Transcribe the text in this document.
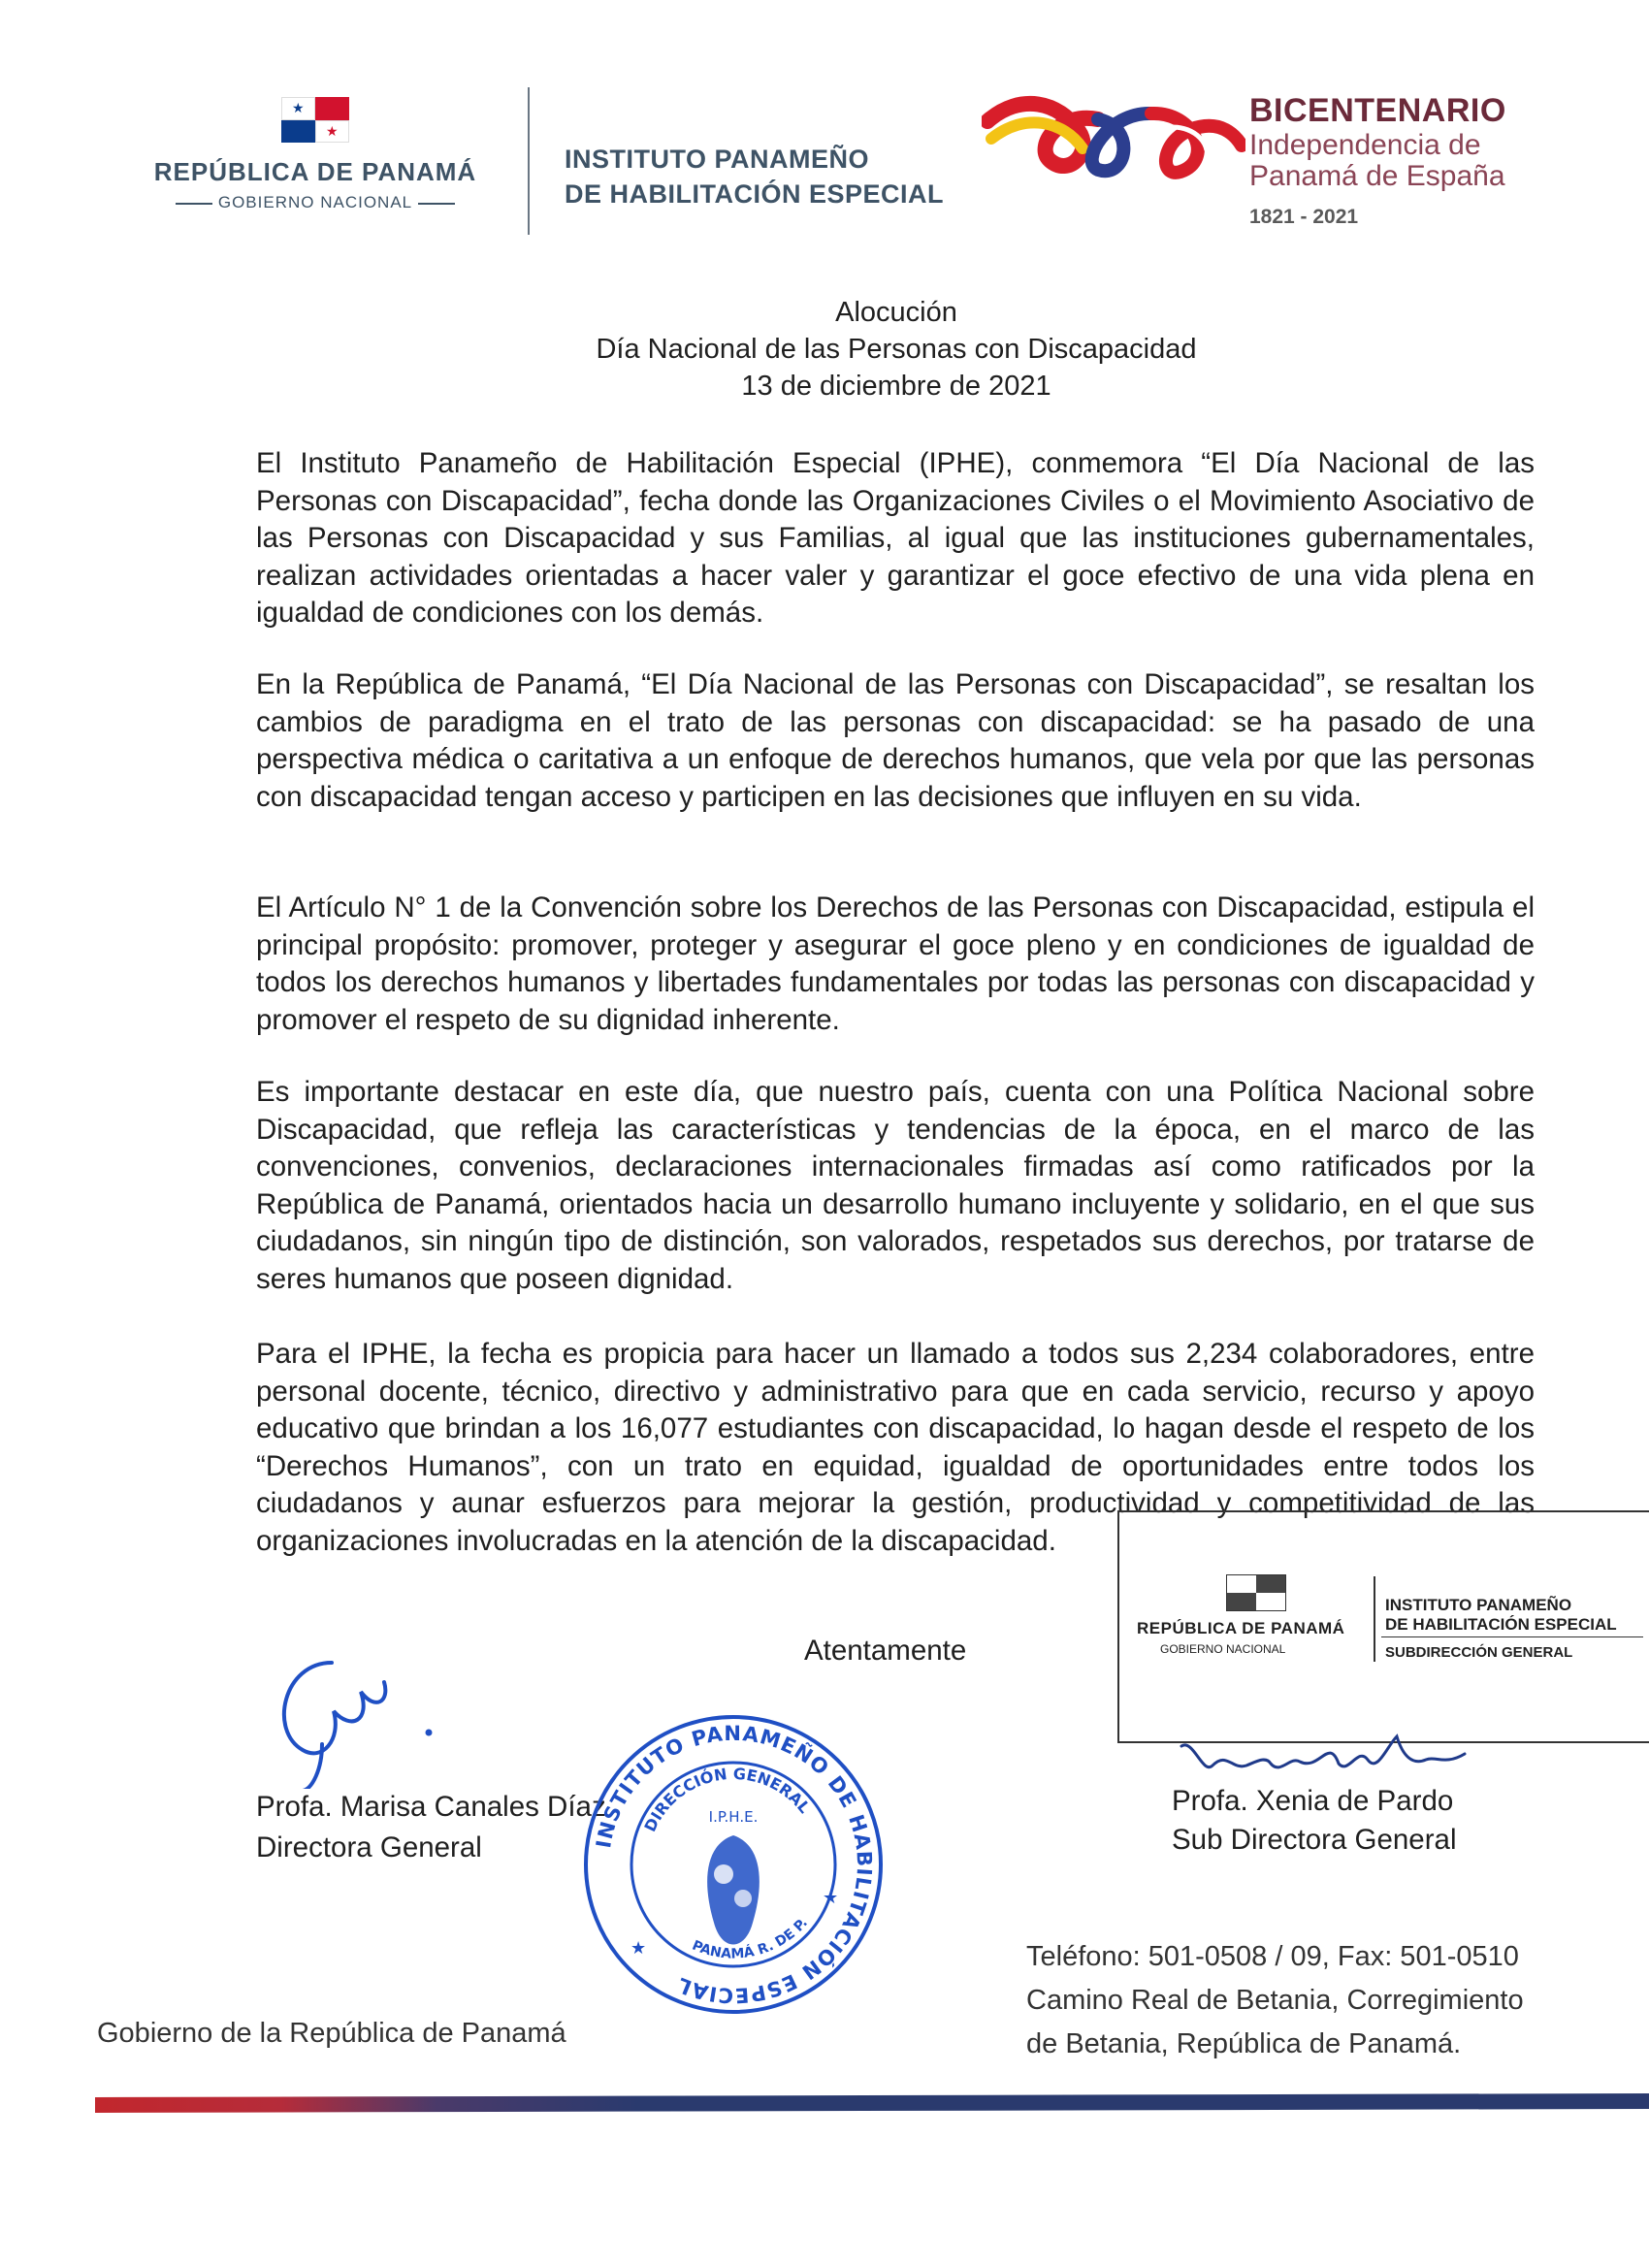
★
★
REPÚBLICA DE PANAMÁ
GOBIERNO NACIONAL
INSTITUTO PANAMEÑO
DE HABILITACIÓN ESPECIAL
BICENTENARIO
Independencia de
Panamá de España
1821 - 2021
Alocución
Día Nacional de las Personas con Discapacidad
13 de diciembre de 2021
El Instituto Panameño de Habilitación Especial (IPHE), conmemora “El Día Nacional de las Personas con Discapacidad”, fecha donde las Organizaciones Civiles o el Movimiento Asociativo de las Personas con Discapacidad y sus Familias, al igual que las instituciones gubernamentales, realizan actividades orientadas a hacer valer y garantizar el goce efectivo de una vida plena en igualdad de condiciones con los demás.
En la República de Panamá, “El Día Nacional de las Personas con Discapacidad”, se resaltan los cambios de paradigma en el trato de las personas con discapacidad: se ha pasado de una perspectiva médica o caritativa a un enfoque de derechos humanos, que vela por que las personas con discapacidad tengan acceso y participen en las decisiones que influyen en su vida.
El Artículo N° 1 de la Convención sobre los Derechos de las Personas con Discapacidad, estipula el principal propósito: promover, proteger y asegurar el goce pleno y en condiciones de igualdad de todos los derechos humanos y libertades fundamentales por todas las personas con discapacidad y promover el respeto de su dignidad inherente.
Es importante destacar en este día, que nuestro país, cuenta con una Política Nacional sobre Discapacidad, que refleja las características y tendencias de la época, en el marco de las convenciones, convenios, declaraciones internacionales firmadas así como ratificados por la República de Panamá, orientados hacia un desarrollo humano incluyente y solidario, en el que sus ciudadanos, sin ningún tipo de distinción, son valorados, respetados sus derechos, por tratarse de seres humanos que poseen dignidad.
Para el IPHE, la fecha es propicia para hacer un llamado a todos sus 2,234 colaboradores, entre personal docente, técnico, directivo y administrativo para que en cada servicio, recurso y apoyo educativo que brindan a los 16,077 estudiantes con discapacidad, lo hagan desde el respeto de los “Derechos Humanos”, con un trato en equidad, igualdad de oportunidades entre todos los ciudadanos y aunar esfuerzos para mejorar la gestión, productividad y competitividad de las organizaciones involucradas en la atención de la discapacidad.
REPÚBLICA DE PANAMÁ
GOBIERNO NACIONAL
INSTITUTO PANAMEÑO
DE HABILITACIÓN ESPECIAL
SUBDIRECCIÓN GENERAL
Atentamente
Profa. Marisa Canales Díaz
Directora General
Profa. Xenia de Pardo
Sub Directora General
INSTITUTO PANAMEÑO DE HABILITACIÓN ESPECIAL
DIRECCIÓN GENERAL
I.P.H.E.
PANAMÁ R. DE P.
★
★
Gobierno de la República de Panamá
Teléfono: 501-0508 / 09, Fax: 501-0510
Camino Real de Betania, Corregimiento
de Betania, República de Panamá.
